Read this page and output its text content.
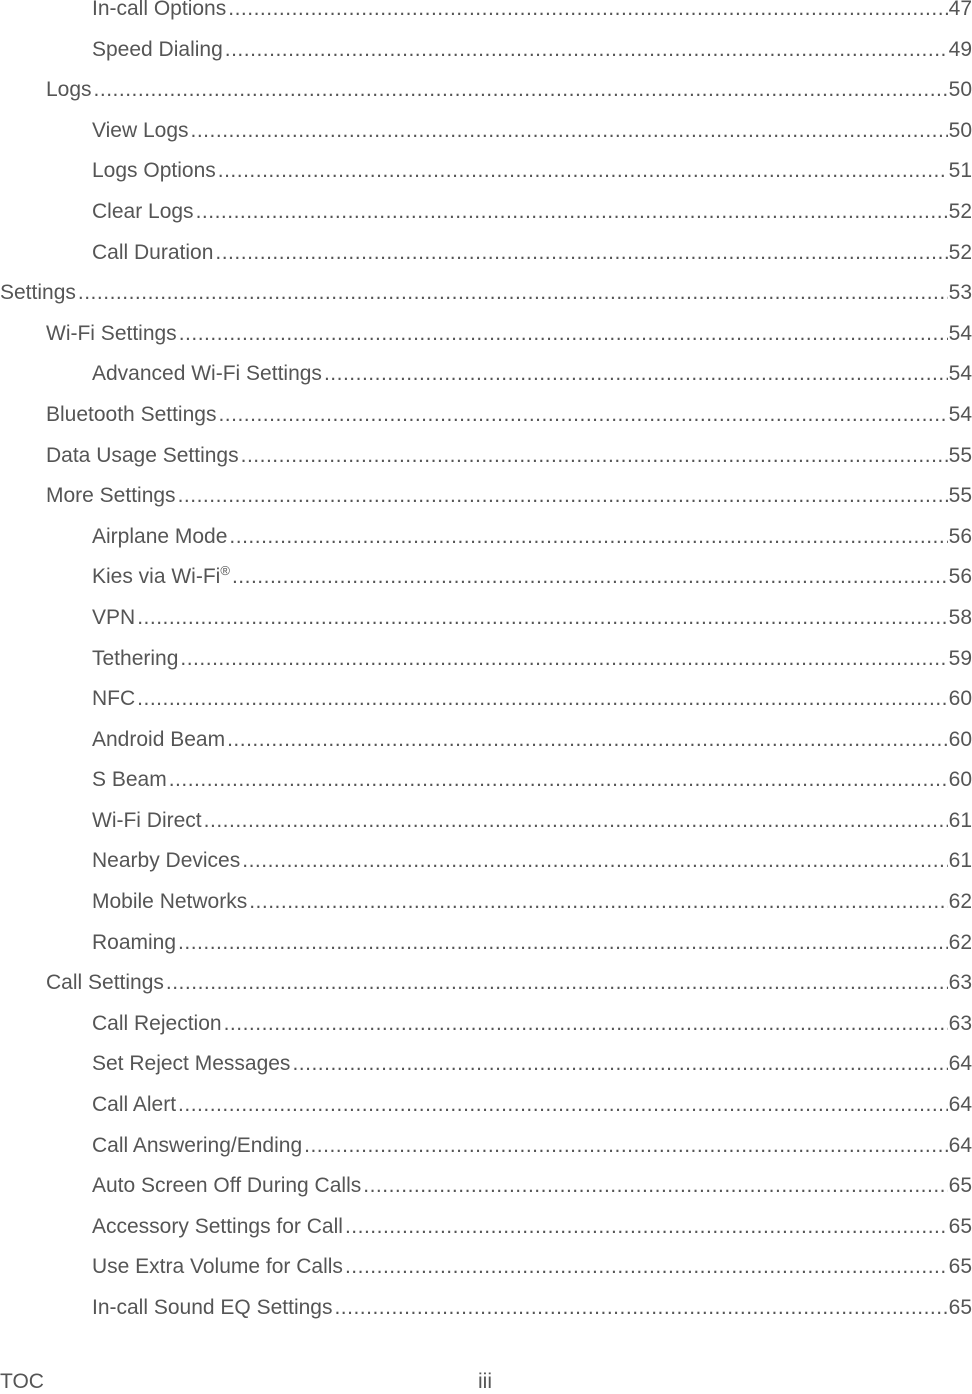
In-call Options .....	47
Speed Dialing .....	49
Logs .....	50
View Logs .....	50
Logs Options .....	51
Clear Logs .....	52
Call Duration .....	52
Settings .....	53
Wi-Fi Settings .....	54
Advanced Wi-Fi Settings .....	54
Bluetooth Settings .....	54
Data Usage Settings .....	55
More Settings .....	55
Airplane Mode .....	56
Kies via Wi-Fi® .....	56
VPN .....	58
Tethering .....	59
NFC .....	60
Android Beam .....	60
S Beam .....	60
Wi-Fi Direct .....	61
Nearby Devices .....	61
Mobile Networks .....	62
Roaming .....	62
Call Settings .....	63
Call Rejection .....	63
Set Reject Messages .....	64
Call Alert .....	64
Call Answering/Ending .....	64
Auto Screen Off During Calls .....	65
Accessory Settings for Call .....	65
Use Extra Volume for Calls .....	65
In-call Sound EQ Settings .....	65
TOC	iii
